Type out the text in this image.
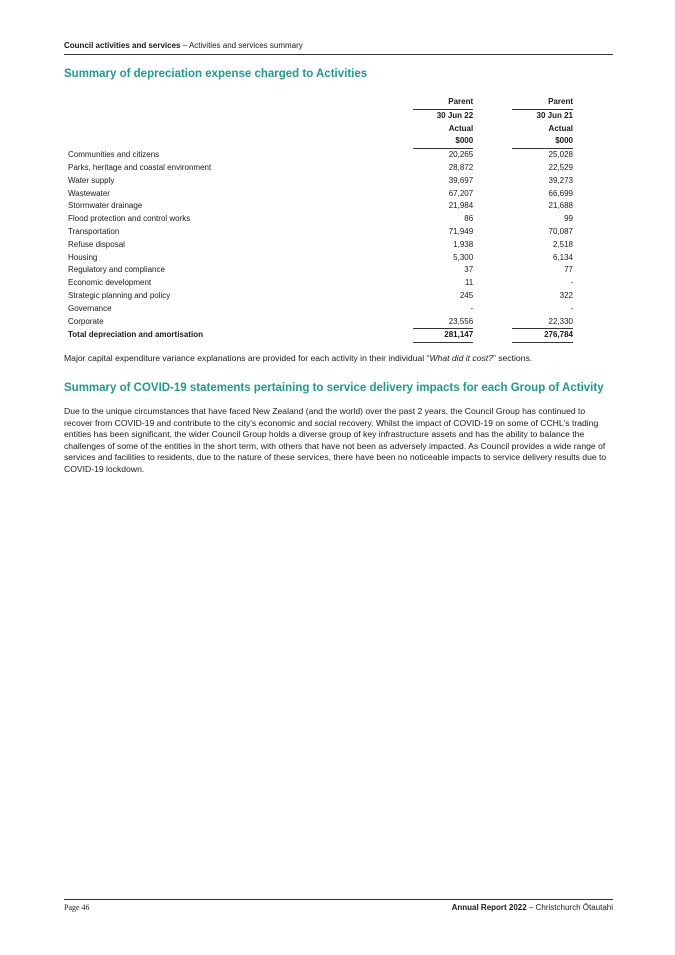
Council activities and services – Activities and services summary
Summary of depreciation expense charged to Activities
		Parent		Parent
		30 Jun 22		30 Jun 21
		Actual		Actual
		$000		$000
Communities and citizens		20,265		25,028
Parks, heritage and coastal environment		28,872		22,529
Water supply		39,697		39,273
Wastewater		67,207		66,699
Stormwater drainage		21,984		21,688
Flood protection and control works		86		99
Transportation		71,949		70,087
Refuse disposal		1,938		2,518
Housing		5,300		6,134
Regulatory and compliance		37		77
Economic development		11		-
Strategic planning and policy		245		322
Governance		-		-
Corporate		23,556		22,330
Total depreciation and amortisation		281,147		276,784

Major capital expenditure variance explanations are provided for each activity in their individual “What did it cost?” sections.

Summary of COVID-19 statements pertaining to service delivery impacts for each Group of Activity

Due to the unique circumstances that have faced New Zealand (and the world) over the past 2 years, the Council Group has continued to recover from COVID-19 and contribute to the city's economic and social recovery. Whilst the impact of COVID-19 on some of CCHL's trading entities has been significant, the wider Council Group holds a diverse group of key infrastructure assets and has the ability to balance the challenges of some of the entities in the short term, with others that have not been as adversely impacted. As Council provides a wide range of services and facilities to residents, due to the nature of these services, there have been no noticeable impacts to service delivery results due to COVID-19 lockdown.

Page 46	Annual Report 2022 – Christchurch Ōtautahi
